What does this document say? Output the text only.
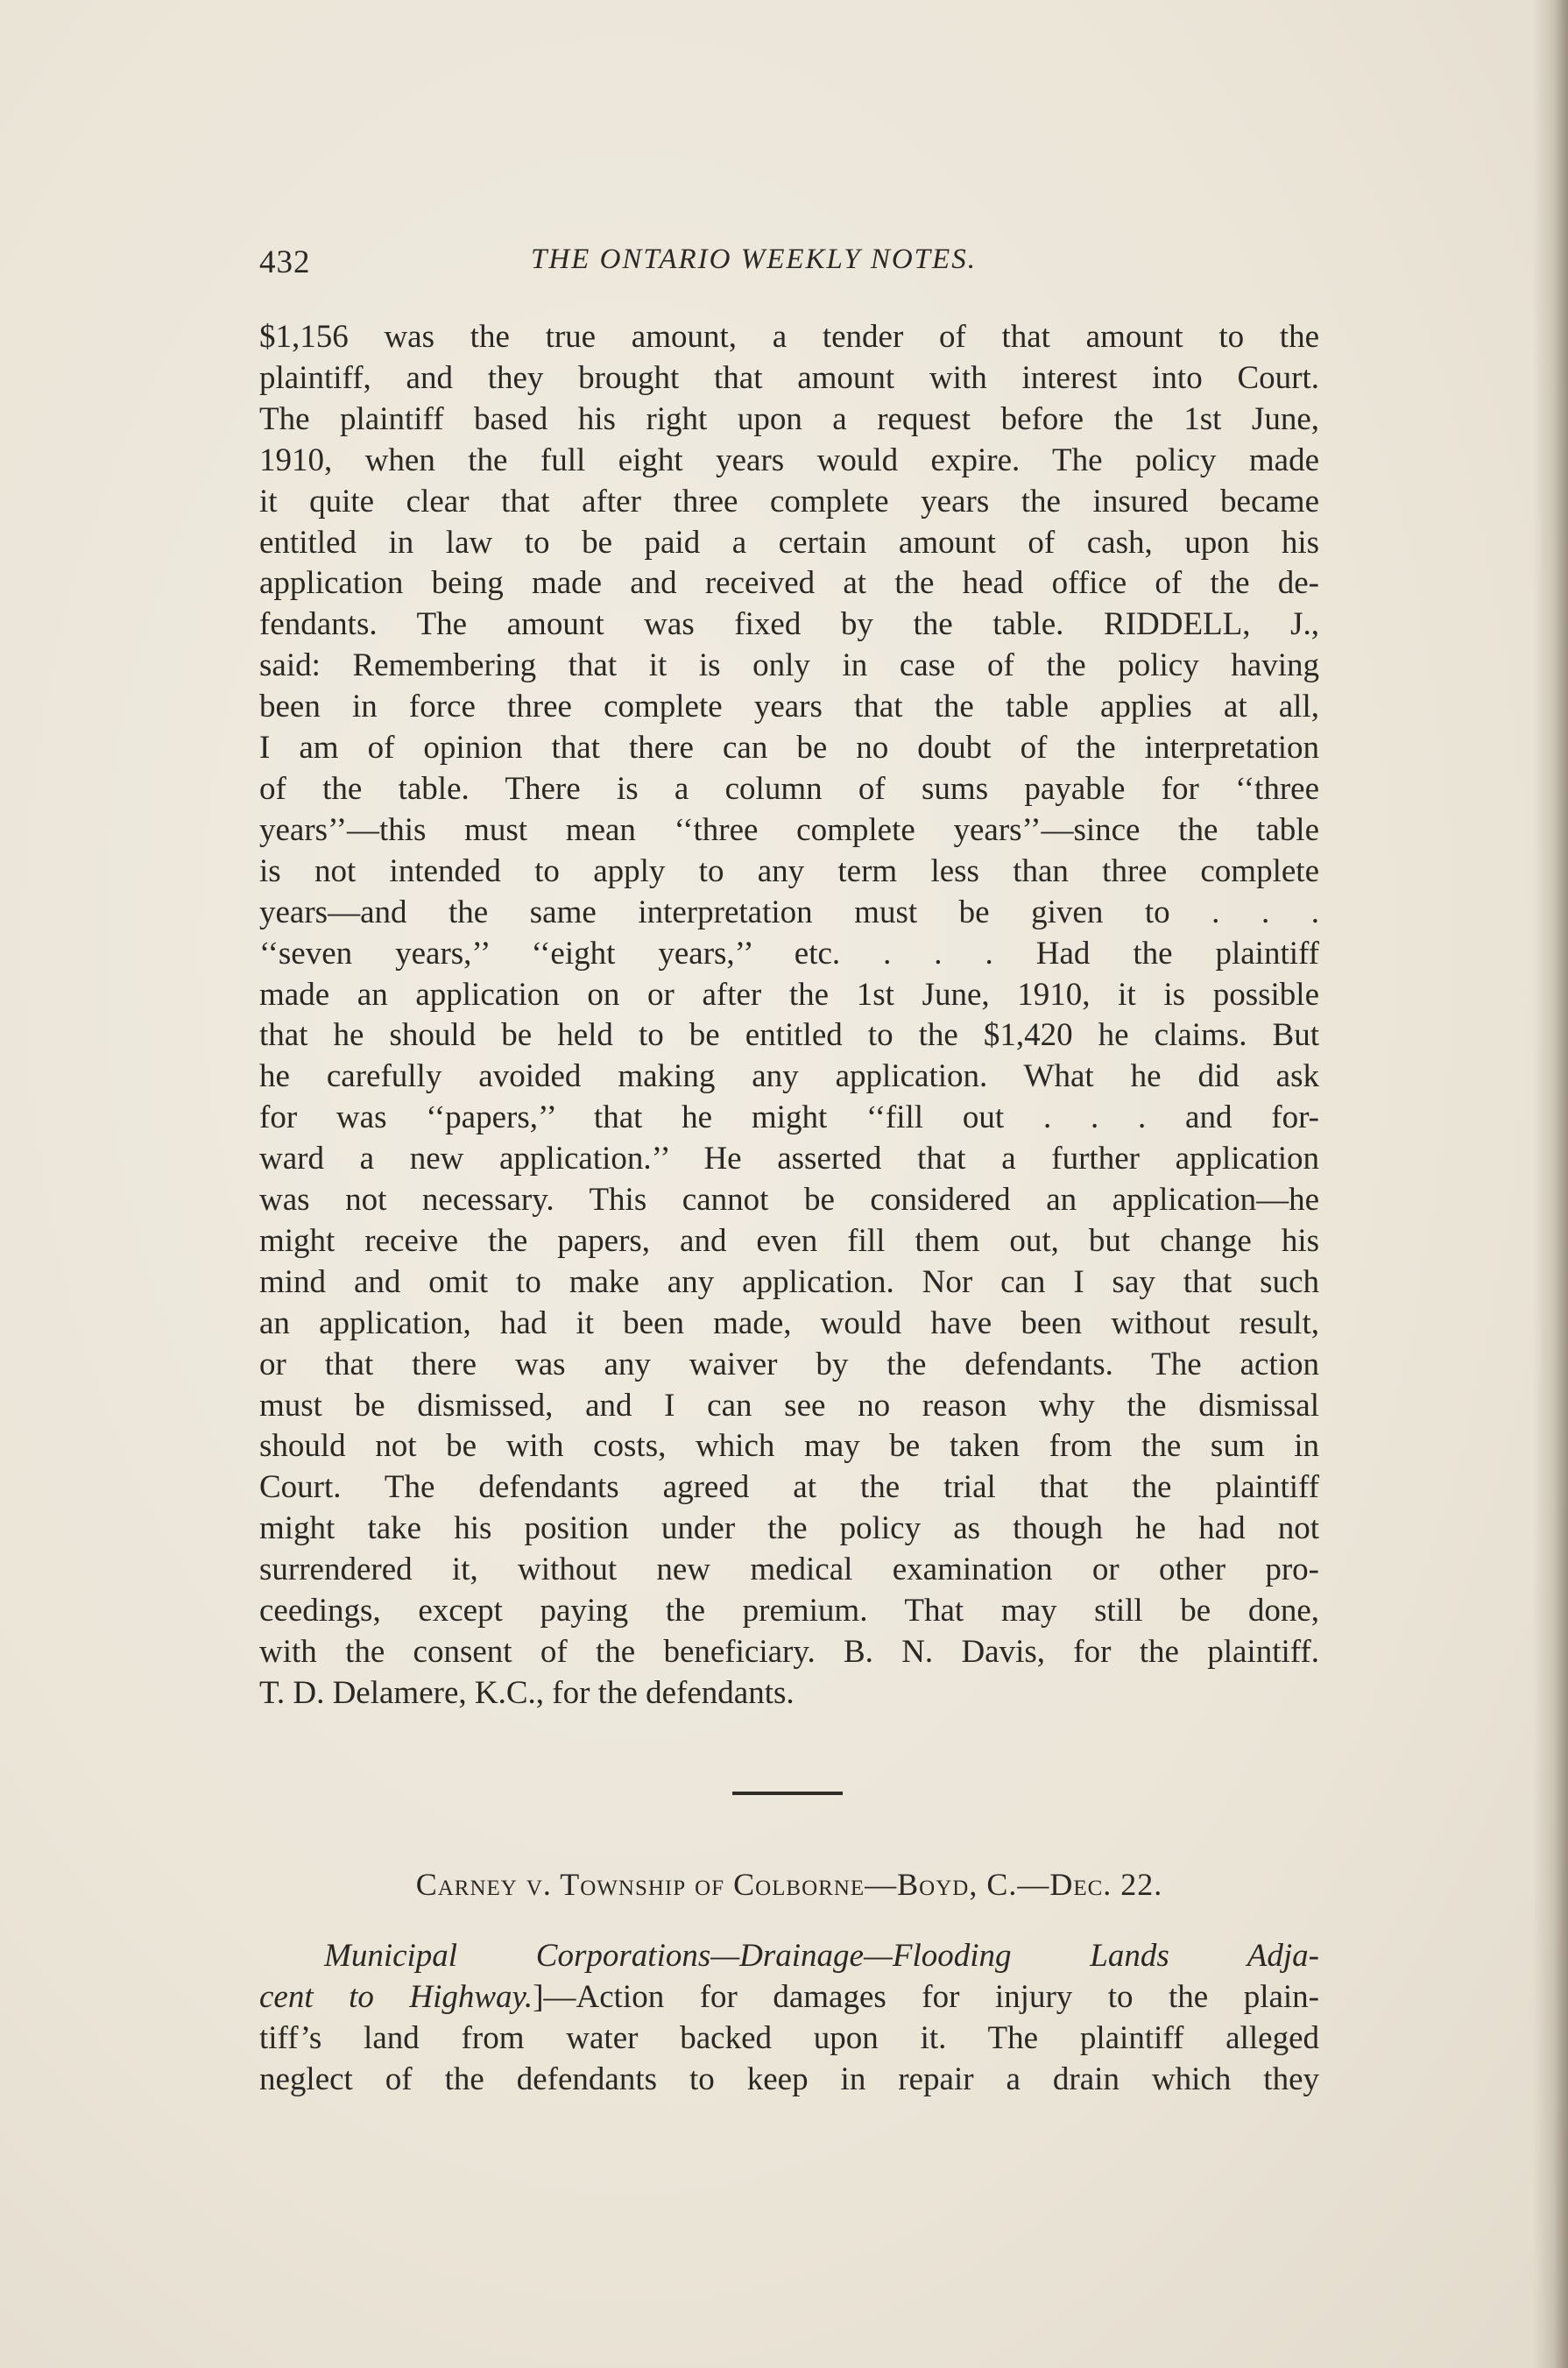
432	THE ONTARIO WEEKLY NOTES.
$1,156 was the true amount, a tender of that amount to the
plaintiff, and they brought that amount with interest into Court.
The plaintiff based his right upon a request before the 1st June,
1910, when the full eight years would expire. The policy made
it quite clear that after three complete years the insured became
entitled in law to be paid a certain amount of cash, upon his
application being made and received at the head office of the de-
fendants. The amount was fixed by the table. RIDDELL, J.,
said: Remembering that it is only in case of the policy having
been in force three complete years that the table applies at all,
I am of opinion that there can be no doubt of the interpretation
of the table. There is a column of sums payable for ‘‘three
years’’—this must mean ‘‘three complete years’’—since the table
is not intended to apply to any term less than three complete
years—and the same interpretation must be given to . . .
‘‘seven years,’’ ‘‘eight years,’’ etc. . . . Had the plaintiff
made an application on or after the 1st June, 1910, it is possible
that he should be held to be entitled to the $1,420 he claims. But
he carefully avoided making any application. What he did ask
for was ‘‘papers,’’ that he might ‘‘fill out . . . and for-
ward a new application.’’ He asserted that a further application
was not necessary. This cannot be considered an application—he
might receive the papers, and even fill them out, but change his
mind and omit to make any application. Nor can I say that such
an application, had it been made, would have been without result,
or that there was any waiver by the defendants. The action
must be dismissed, and I can see no reason why the dismissal
should not be with costs, which may be taken from the sum in
Court. The defendants agreed at the trial that the plaintiff
might take his position under the policy as though he had not
surrendered it, without new medical examination or other pro-
ceedings, except paying the premium. That may still be done,
with the consent of the beneficiary. B. N. Davis, for the plaintiff.
T. D. Delamere, K.C., for the defendants.
Carney v. Township of Colborne—Boyd, C.—Dec. 22.
Municipal Corporations—Drainage—Flooding Lands Adja-
cent to Highway.]—Action for damages for injury to the plain-
tiff’s land from water backed upon it. The plaintiff alleged
neglect of the defendants to keep in repair a drain which they
